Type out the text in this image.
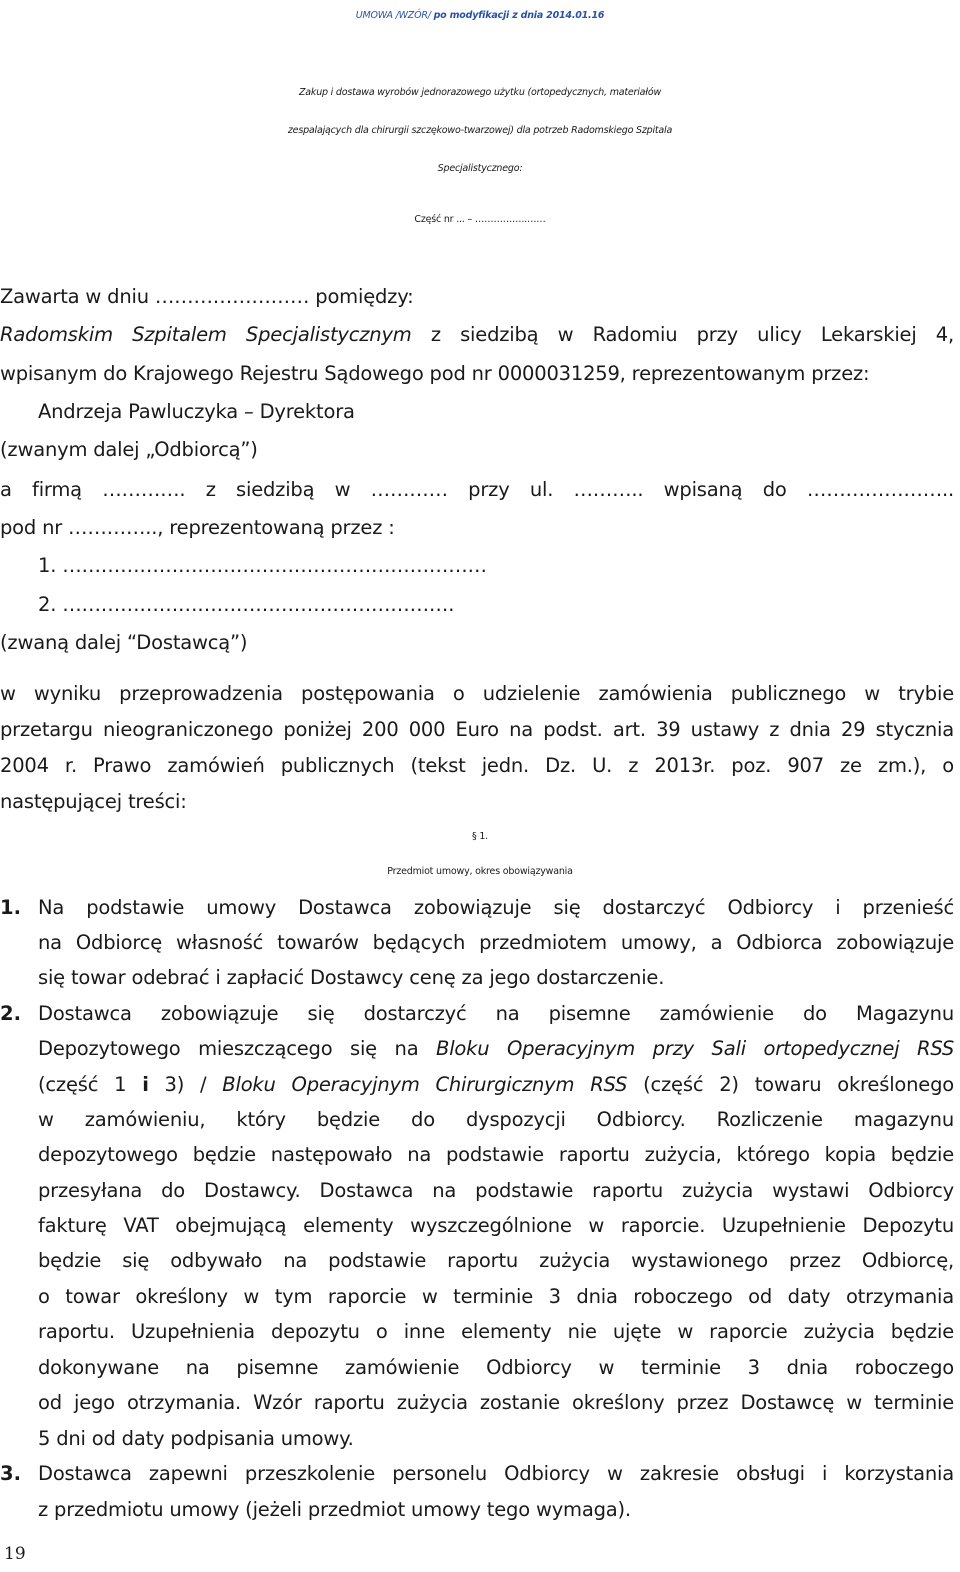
UMOWA /WZÓR/ po modyfikacji z dnia 2014.01.16
Zakup i dostawa wyrobów jednorazowego użytku (ortopedycznych, materiałów
zespalających dla chirurgii szczękowo-twarzowej) dla potrzeb Radomskiego Szpitala
Specjalistycznego:
Część nr ... – ……………..……
Zawarta w dniu …………………… pomiędzy:
Radomskim Szpitalem Specjalistycznym z siedzibą w Radomiu przy ulicy Lekarskiej 4,
wpisanym do Krajowego Rejestru Sądowego pod nr 0000031259, reprezentowanym przez:
Andrzeja Pawluczyka – Dyrektora
(zwanym dalej „Odbiorcą”)
a firmą …………. z siedzibą w ………… przy ul. ……….. wpisaną do …………………..
pod nr ………….., reprezentowaną przez :
1. …………………………………………………………
2. …………………………………………………….
(zwaną dalej “Dostawcą”)
w wyniku przeprowadzenia postępowania o udzielenie zamówienia publicznego w trybie
przetargu nieograniczonego poniżej 200 000 Euro na podst. art. 39 ustawy z dnia 29 stycznia
2004 r. Prawo zamówień publicznych (tekst jedn. Dz. U. z 2013r. poz. 907 ze zm.), o
następującej treści:
§ 1.
Przedmiot umowy, okres obowiązywania
1. Na podstawie umowy Dostawca zobowiązuje się dostarczyć Odbiorcy i przenieść
na Odbiorcę własność towarów będących przedmiotem umowy, a Odbiorca zobowiązuje
się towar odebrać i zapłacić Dostawcy cenę za jego dostarczenie.
2. Dostawca zobowiązuje się dostarczyć na pisemne zamówienie do Magazynu
Depozytowego mieszczącego się na Bloku Operacyjnym przy Sali ortopedycznej RSS
(część 1 i 3) / Bloku Operacyjnym Chirurgicznym RSS (część 2) towaru określonego
w zamówieniu, który będzie do dyspozycji Odbiorcy. Rozliczenie magazynu
depozytowego będzie następowało na podstawie raportu zużycia, którego kopia będzie
przesyłana do Dostawcy. Dostawca na podstawie raportu zużycia wystawi Odbiorcy
fakturę VAT obejmującą elementy wyszczególnione w raporcie. Uzupełnienie Depozytu
będzie się odbywało na podstawie raportu zużycia wystawionego przez Odbiorcę,
o towar określony w tym raporcie w terminie 3 dnia roboczego od daty otrzymania
raportu. Uzupełnienia depozytu o inne elementy nie ujęte w raporcie zużycia będzie
dokonywane na pisemne zamówienie Odbiorcy w terminie 3 dnia roboczego
od jego otrzymania. Wzór raportu zużycia zostanie określony przez Dostawcę w terminie
5 dni od daty podpisania umowy.
3. Dostawca zapewni przeszkolenie personelu Odbiorcy w zakresie obsługi i korzystania
z przedmiotu umowy (jeżeli przedmiot umowy tego wymaga).
19
